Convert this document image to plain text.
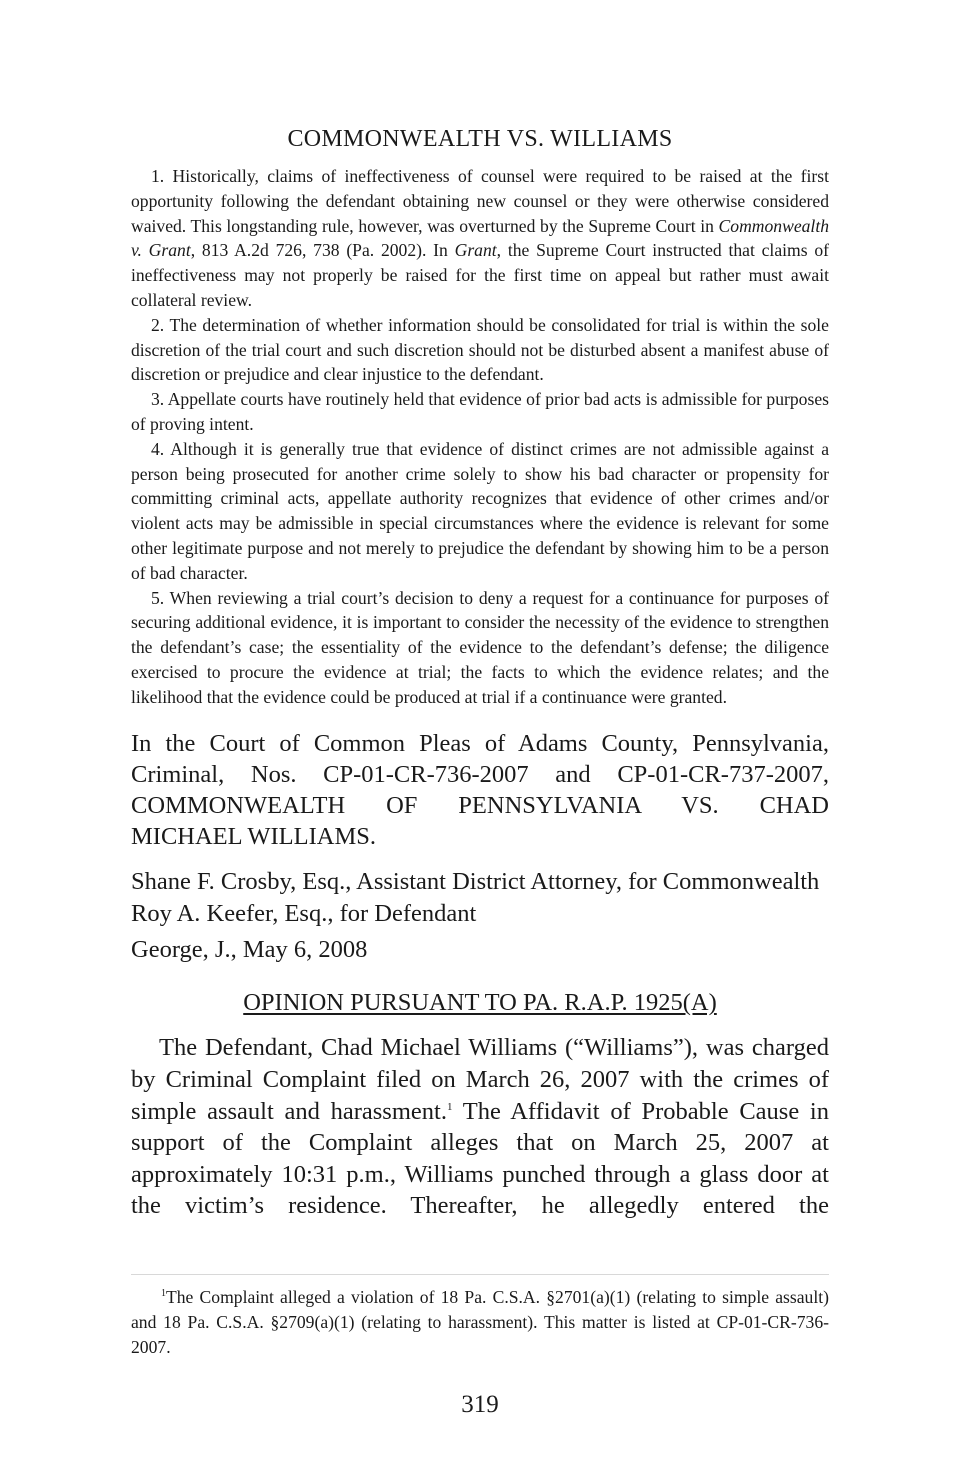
COMMONWEALTH VS. WILLIAMS

1. Historically, claims of ineffectiveness of counsel were required to be raised at the first opportunity following the defendant obtaining new counsel or they were otherwise considered waived. This longstanding rule, however, was overturned by the Supreme Court in Commonwealth v. Grant, 813 A.2d 726, 738 (Pa. 2002). In Grant, the Supreme Court instructed that claims of ineffectiveness may not properly be raised for the first time on appeal but rather must await collateral review.

2. The determination of whether information should be consolidated for trial is within the sole discretion of the trial court and such discretion should not be disturbed absent a manifest abuse of discretion or prejudice and clear injustice to the defendant.

3. Appellate courts have routinely held that evidence of prior bad acts is admissible for purposes of proving intent.

4. Although it is generally true that evidence of distinct crimes are not admissible against a person being prosecuted for another crime solely to show his bad character or propensity for committing criminal acts, appellate authority recognizes that evidence of other crimes and/or violent acts may be admissible in special circumstances where the evidence is relevant for some other legitimate purpose and not merely to prejudice the defendant by showing him to be a person of bad character.

5. When reviewing a trial court’s decision to deny a request for a continuance for purposes of securing additional evidence, it is important to consider the necessity of the evidence to strengthen the defendant’s case; the essentiality of the evidence to the defendant’s defense; the diligence exercised to procure the evidence at trial; the facts to which the evidence relates; and the likelihood that the evidence could be produced at trial if a continuance were granted.

In the Court of Common Pleas of Adams County, Pennsylvania,
Criminal, Nos. CP-01-CR-736-2007 and CP-01-CR-737-2007,
COMMONWEALTH OF PENNSYLVANIA VS. CHAD
MICHAEL WILLIAMS.
Shane F. Crosby, Esq., Assistant District Attorney, for Commonwealth
Roy A. Keefer, Esq., for Defendant
George, J., May 6, 2008
OPINION PURSUANT TO PA. R.A.P. 1925(A)

The Defendant, Chad Michael Williams (“Williams”), was charged by Criminal Complaint filed on March 26, 2007 with the crimes of simple assault and harassment.$^1$ The Affidavit of Probable Cause in support of the Complaint alleges that on March 25, 2007 at approximately 10:31 p.m., Williams punched through a glass door at the victim’s residence. Thereafter, he allegedly entered the

$^1$The Complaint alleged a violation of 18 Pa. C.S.A. §2701(a)(1) (relating to simple assault) and 18 Pa. C.S.A. §2709(a)(1) (relating to harassment). This matter is listed at CP-01-CR-736-2007.

319
